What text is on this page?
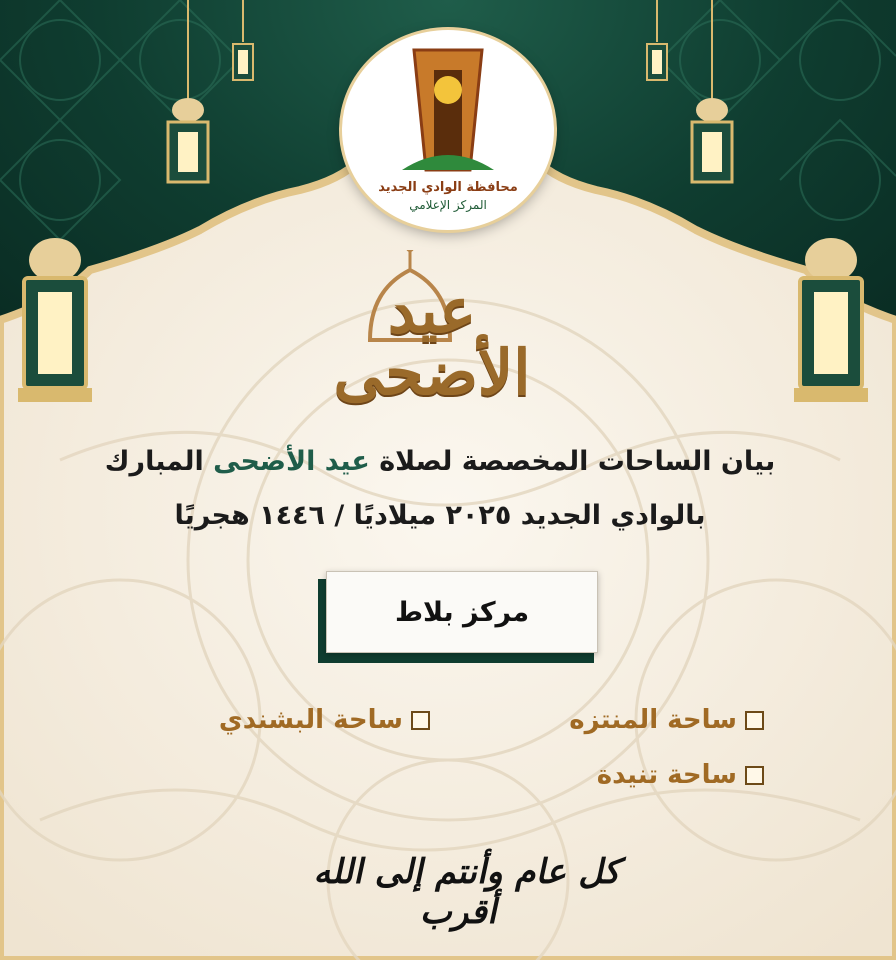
محافظة الوادي الجديد
المركز الإعلامي
عيد الأضحى
بيان الساحات المخصصة لصلاة عيد الأضحى المبارك
بالوادي الجديد ٢٠٢٥ ميلاديًا / ١٤٤٦ هجريًا
مركز بلاط
ساحة المنتزه
ساحة البشندي
ساحة تنيدة
كل عام وأنتم إلى الله أقرب
